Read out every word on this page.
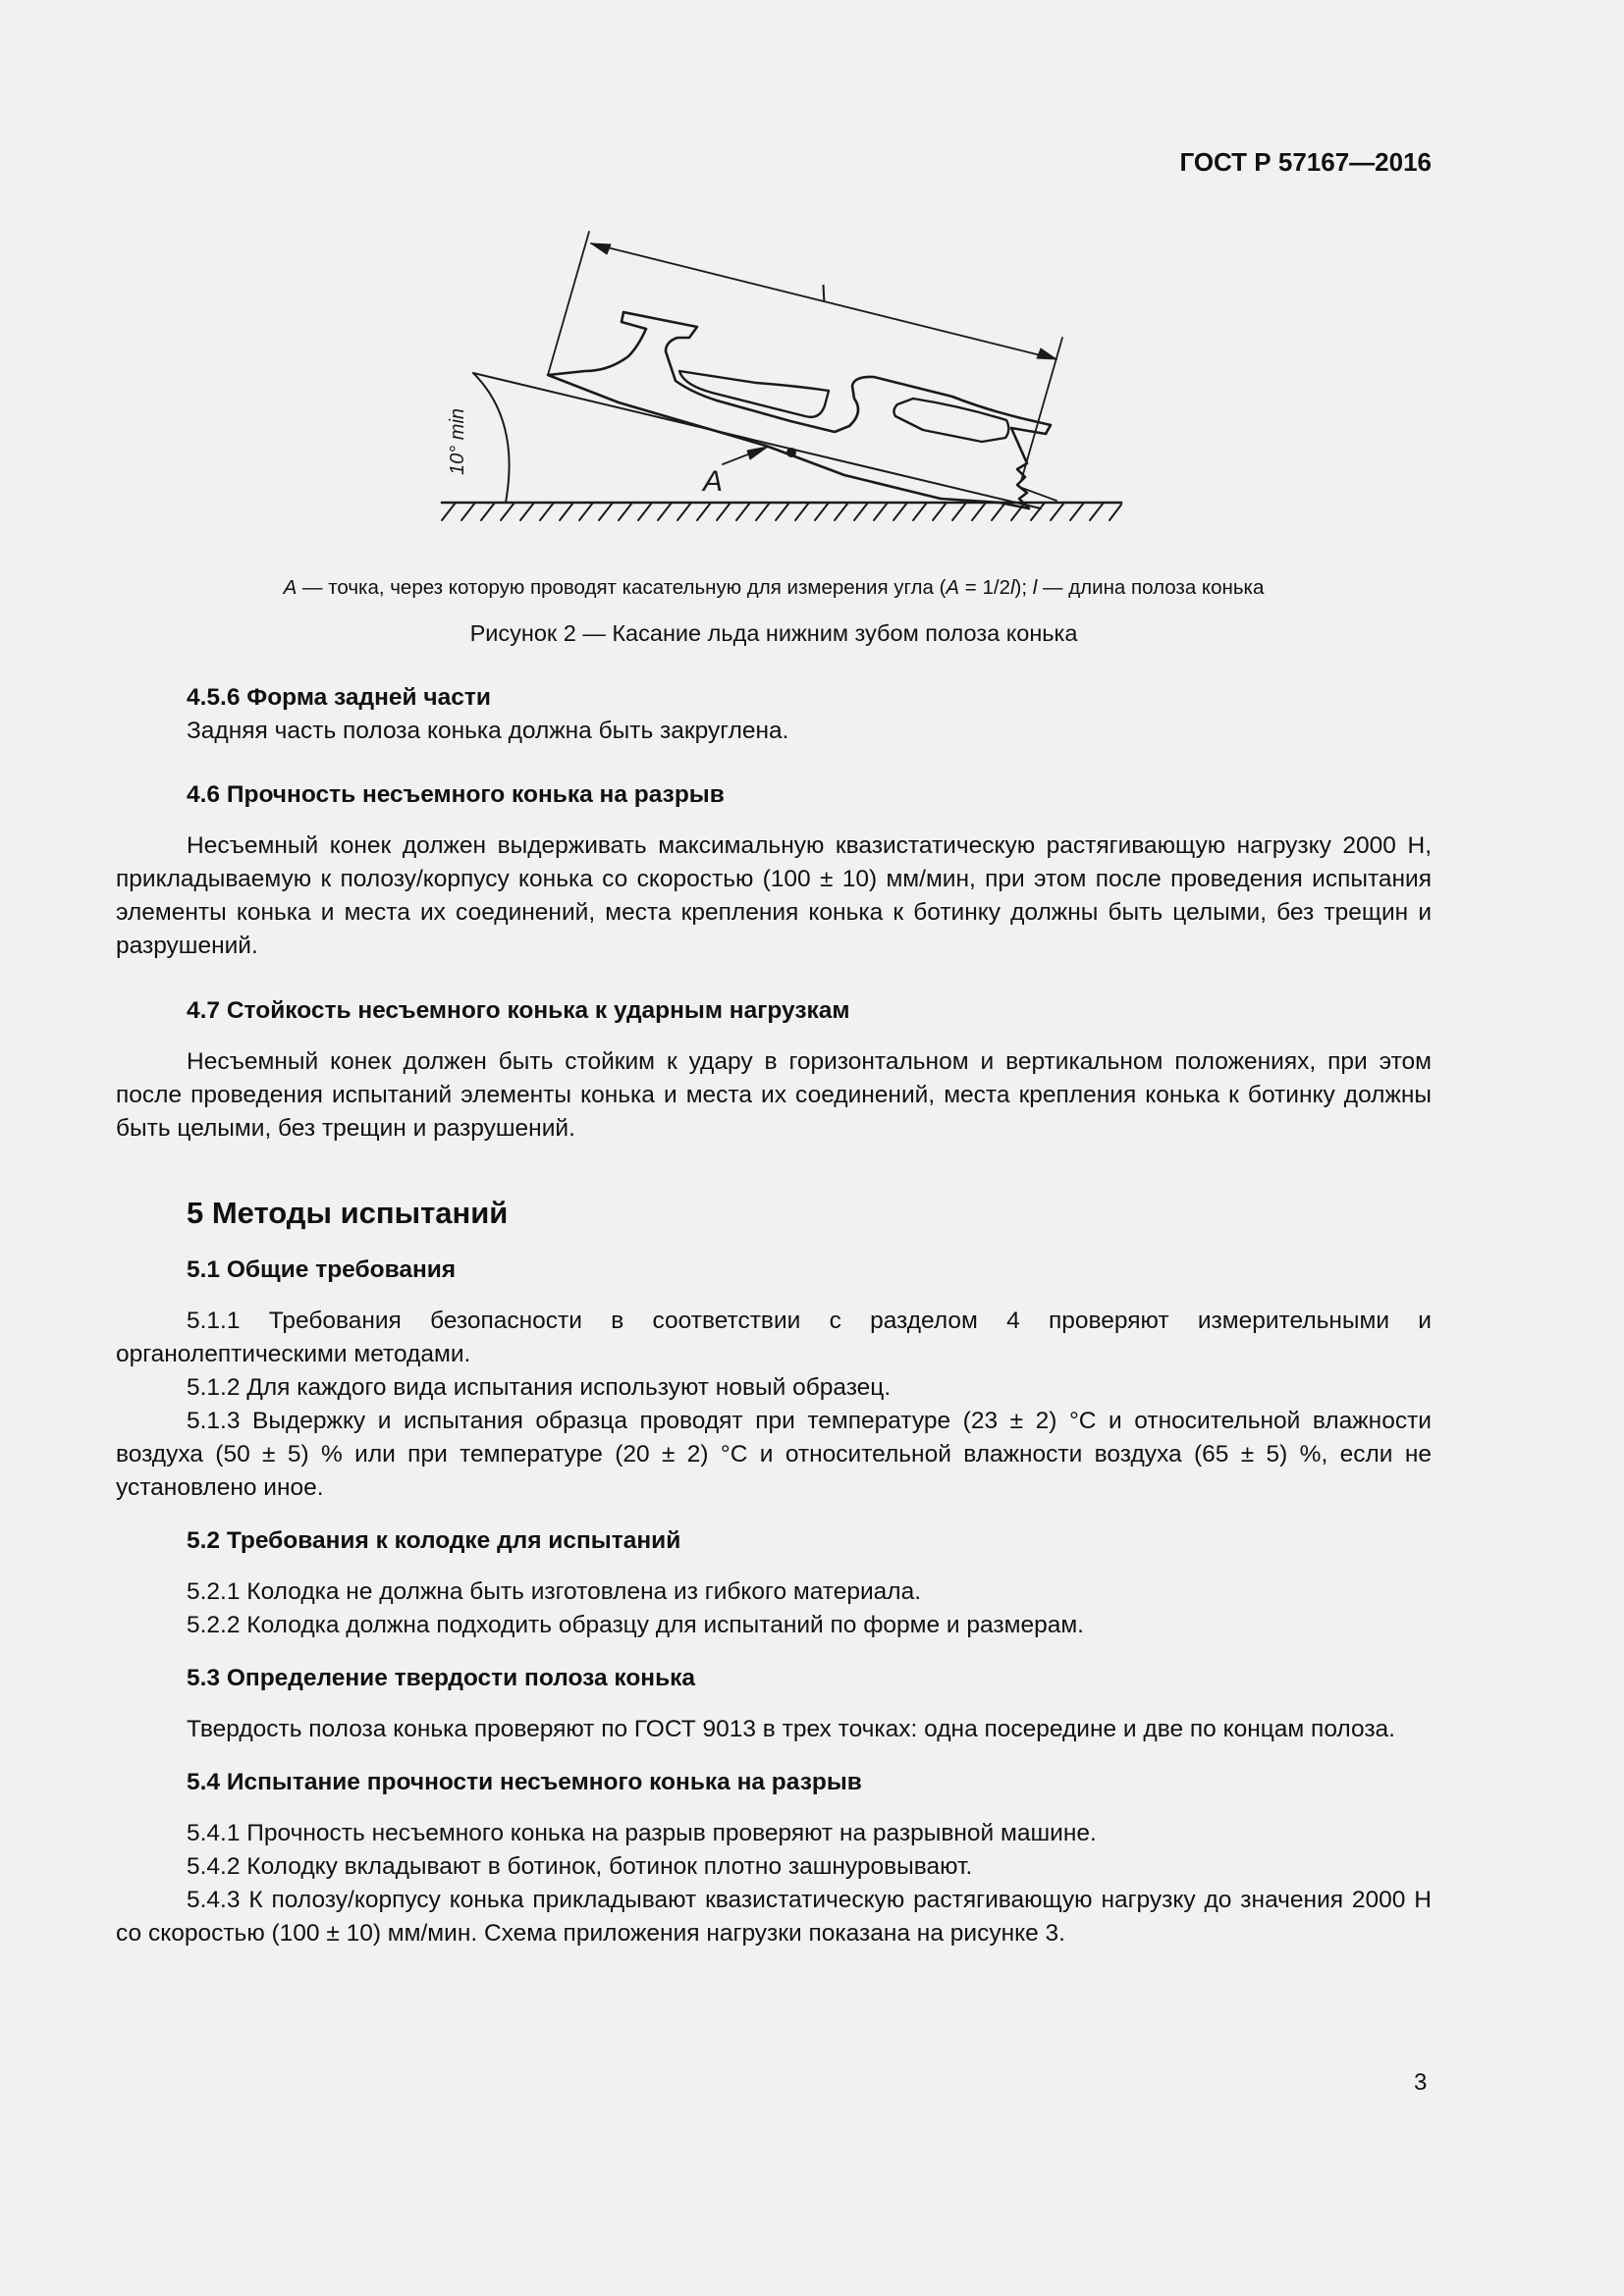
ГОСТ Р 57167—2016
l
A
10° min
A — точка, через которую проводят касательную для измерения угла (A = 1/2l); l — длина полоза конька
Рисунок 2 — Касание льда нижним зубом полоза конька

4.5.6 Форма задней части

Задняя часть полоза конька должна быть закруглена.

4.6 Прочность несъемного конька на разрыв

Несъемный конек должен выдерживать максимальную квазистатическую растягивающую нагрузку 2000 Н, прикладываемую к полозу/корпусу конька со скоростью (100 ± 10) мм/мин, при этом после проведения испытания элементы конька и места их соединений, места крепления конька к ботинку должны быть целыми, без трещин и разрушений.

4.7 Стойкость несъемного конька к ударным нагрузкам

Несъемный конек должен быть стойким к удару в горизонтальном и вертикальном положениях, при этом после проведения испытаний элементы конька и места их соединений, места крепления конька к ботинку должны быть целыми, без трещин и разрушений.

5 Методы испытаний

5.1 Общие требования

5.1.1 Требования безопасности в соответствии с разделом 4 проверяют измерительными и органолептическими методами.

5.1.2 Для каждого вида испытания используют новый образец.

5.1.3 Выдержку и испытания образца проводят при температуре (23 ± 2) °С и относительной влажности воздуха (50 ± 5) % или при температуре (20 ± 2) °С и относительной влажности воздуха (65 ± 5) %, если не установлено иное.

5.2 Требования к колодке для испытаний

5.2.1 Колодка не должна быть изготовлена из гибкого материала.

5.2.2 Колодка должна подходить образцу для испытаний по форме и размерам.

5.3 Определение твердости полоза конька

Твердость полоза конька проверяют по ГОСТ 9013 в трех точках: одна посередине и две по концам полоза.

5.4 Испытание прочности несъемного конька на разрыв

5.4.1 Прочность несъемного конька на разрыв проверяют на разрывной машине.

5.4.2 Колодку вкладывают в ботинок, ботинок плотно зашнуровывают.

5.4.3 К полозу/корпусу конька прикладывают квазистатическую растягивающую нагрузку до значения 2000 Н со скоростью (100 ± 10) мм/мин. Схема приложения нагрузки показана на рисунке 3.

3
